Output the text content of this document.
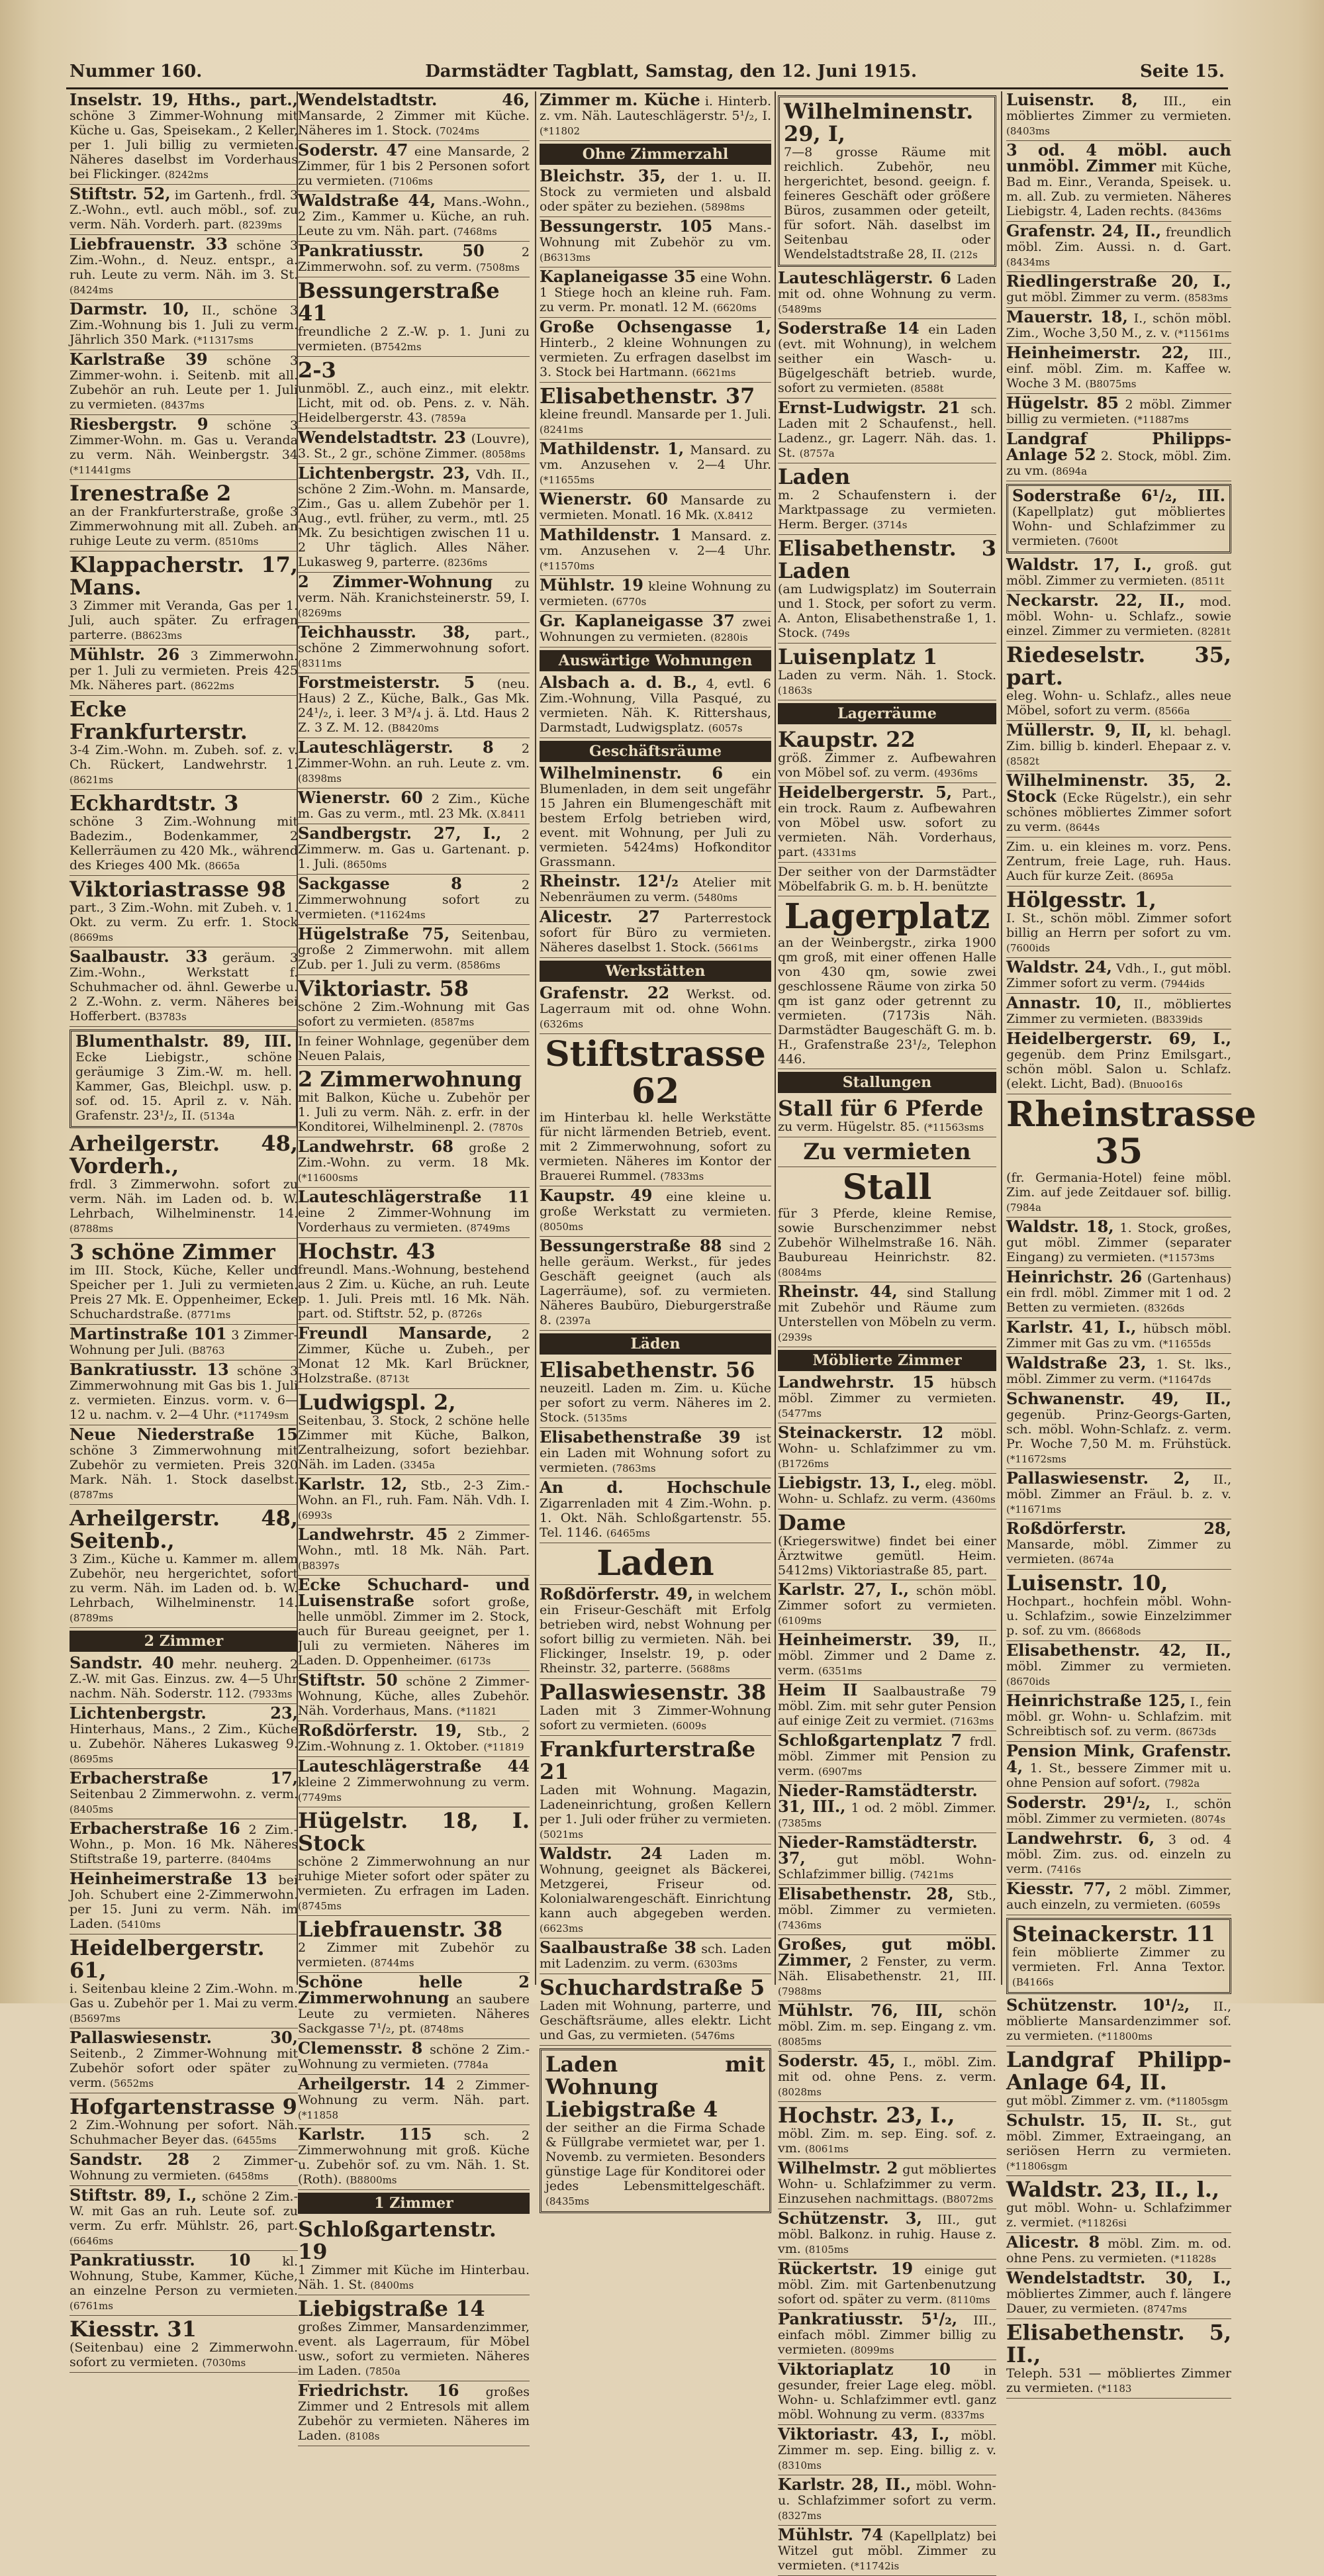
Nummer 160.	Darmstädter Tagblatt, Samstag, den 12. Juni 1915.	Seite 15.
Inselstr. 19, Hths., part., schöne 3 Zimmer-Wohnung mit Küche u. Gas, Speisekam., 2 Keller, per 1. Juli billig zu vermieten. Näheres daselbst im Vorderhaus bei Flickinger. (8242ms
Stiftstr. 52, im Gartenh., frdl. 3 Z.-Wohn., evtl. auch möbl., sof. zu verm. Näh. Vorderh. part. (8239ms
Liebfrauenstr. 33 schöne 3 Zim.-Wohn., d. Neuz. entspr., a. ruh. Leute zu verm. Näh. im 3. St. (8424ms
Darmstr. 10, II., schöne 3 Zim.-Wohnung bis 1. Juli zu verm. Jährlich 350 Mark. (*11317sms
Karlstraße 39 schöne 3 Zimmer-wohn. i. Seitenb. mit all. Zubehör an ruh. Leute per 1. Juli zu vermieten. (8437ms
Riesbergstr. 9 schöne 3 Zimmer-Wohn. m. Gas u. Veranda zu verm. Näh. Weinbergstr. 34 (*11441gms
Irenestraße 2
an der Frankfurterstraße, große 3 Zimmerwohnung mit all. Zubeh. an ruhige Leute zu verm. (8510ms
Klappacherstr. 17, Mans.
3 Zimmer mit Veranda, Gas per 1. Juli, auch später. Zu erfragen parterre. (B8623ms
Mühlstr. 26 3 Zimmerwohn. per 1. Juli zu vermieten. Preis 425 Mk. Näheres part. (8622ms
Ecke Frankfurterstr.
3-4 Zim.-Wohn. m. Zubeh. sof. z. v. Ch. Rückert, Landwehrstr. 1. (8621ms
Eckhardtstr. 3
schöne 3 Zim.-Wohnung mit Badezim., Bodenkammer, 2 Kellerräumen zu 420 Mk., während des Krieges 400 Mk. (8665a
Viktoriastrasse 98
part., 3 Zim.-Wohn. mit Zubeh. v. 1. Okt. zu verm. Zu erfr. 1. Stock (8669ms
Saalbaustr. 33 geräum. 3 Zim.-Wohn., Werkstatt f. Schuhmacher od. ähnl. Gewerbe u. 2 Z.-Wohn. z. verm. Näheres bei Hofferbert. (B3783s
Blumenthalstr. 89, III. Ecke Liebigstr., schöne geräumige 3 Zim.-W. m. hell. Kammer, Gas, Bleichpl. usw. p. sof. od. 15. April z. v. Näh. Grafenstr. 23¹/₂, II. (5134a
Arheilgerstr. 48, Vorderh.,
frdl. 3 Zimmerwohn. sofort zu verm. Näh. im Laden od. b. W. Lehrbach, Wilhelminenstr. 14. (8788ms
3 schöne Zimmer
im III. Stock, Küche, Keller und Speicher per 1. Juli zu vermieten. Preis 27 Mk. E. Oppenheimer, Ecke Schuchardstraße. (8771ms
Martinstraße 101 3 Zimmer-Wohnung per Juli. (B8763
Bankratiusstr. 13 schöne 3 Zimmerwohnung mit Gas bis 1. Juli z. vermieten. Einzus. vorm. v. 6—12 u. nachm. v. 2—4 Uhr. (*11749sm
Neue Niederstraße 15 schöne 3 Zimmerwohnung mit Zubehör zu vermieten. Preis 320 Mark. Näh. 1. Stock daselbst. (8787ms
Arheilgerstr. 48, Seitenb.,
3 Zim., Küche u. Kammer m. allem Zubehör, neu hergerichtet, sofort zu verm. Näh. im Laden od. b. W. Lehrbach, Wilhelminenstr. 14. (8789ms
2 Zimmer
Sandstr. 40 mehr. neuherg. 2 Z.-W. mit Gas. Einzus. zw. 4—5 Uhr nachm. Näh. Soderstr. 112. (7933ms
Lichtenbergstr. 23, Hinterhaus, Mans., 2 Zim., Küche u. Zubehör. Näheres Lukasweg 9. (8695ms
Erbacherstraße 17, Seitenbau 2 Zimmerwohn. z. verm. (8405ms
Erbacherstraße 16 2 Zim.-Wohn., p. Mon. 16 Mk. Näheres Stiftstraße 19, parterre. (8404ms
Heinheimerstraße 13 bei Joh. Schubert eine 2-Zimmerwohn. per 15. Juni zu verm. Näh. im Laden. (5410ms
Heidelbergerstr. 61,
i. Seitenbau kleine 2 Zim.-Wohn. m. Gas u. Zubehör per 1. Mai zu verm. (B5697ms
Pallaswiesenstr. 30, Seitenb., 2 Zimmer-Wohnung mit Zubehör sofort oder später zu verm. (5652ms
Hofgartenstrasse 9
2 Zim.-Wohnung per sofort. Näh. Schuhmacher Beyer das. (6455ms
Sandstr. 28 2 Zimmer-Wohnung zu vermieten. (6458ms
Stiftstr. 89, I., schöne 2 Zim.-W. mit Gas an ruh. Leute sof. zu verm. Zu erfr. Mühlstr. 26, part. (6646ms
Pankratiusstr. 10	kl. Wohnung, Stube, Kammer, Küche, an einzelne Person zu vermieten. (6761ms
Kiesstr. 31
(Seitenbau) eine 2 Zimmerwohn. sofort zu vermieten. (7030ms
Wendelstadtstr. 46, Mansarde, 2 Zimmer mit Küche. Näheres im 1. Stock. (7024ms
Soderstr. 47 eine Mansarde, 2 Zimmer, für 1 bis 2 Personen sofort zu vermieten. (7106ms
Waldstraße 44, Mans.-Wohn., 2 Zim., Kammer u. Küche, an ruh. Leute zu vm. Näh. part. (7468ms
Pankratiusstr. 50	2 Zimmerwohn. sof. zu verm. (7508ms
Bessungerstraße 41
freundliche 2 Z.-W. p. 1. Juni zu vermieten. (B7542ms
2-3
unmöbl. Z., auch einz., mit elektr. Licht, mit od. ob. Pens. z. v. Näh. Heidelbergerstr. 43. (7859a
Wendelstadtstr. 23 (Louvre), 3. St., 2 gr., schöne Zimmer. (8058ms
Lichtenbergstr. 23, Vdh. II., schöne 2 Zim.-Wohn. m. Mansarde, Zim., Gas u. allem Zubehör per 1. Aug., evtl. früher, zu verm., mtl. 25 Mk. Zu besichtigen zwischen 11 u. 2 Uhr täglich. Alles Näher. Lukasweg 9, parterre. (8236ms
2 Zimmer-Wohnung zu verm. Näh. Kranichsteinerstr. 59, I. (8269ms
Teichhausstr. 38, part., schöne 2 Zimmerwohnung sofort. (8311ms
Forstmeisterstr. 5 (neu. Haus) 2 Z., Küche, Balk., Gas Mk. 24¹/₂, i. leer. 3 M³/₄ j. ä. Ltd. Haus 2 Z. 3 Z. M. 12. (B8420ms
Lauteschlägerstr. 8 2 Zimmer-Wohn. an ruh. Leute z. vm. (8398ms
Wienerstr. 60 2 Zim., Küche m. Gas zu verm., mtl. 23 Mk. (X.8411
Sandbergstr. 27, I., 2 Zimmerw. m. Gas u. Gartenant. p. 1. Juli. (8650ms
Sackgasse 8	2 Zimmerwohnung sofort zu vermieten. (*11624ms
Hügelstraße 75, Seitenbau, große 2 Zimmerwohn. mit allem Zub. per 1. Juli zu verm. (8586ms
Viktoriastr. 58
schöne 2 Zim.-Wohnung mit Gas sofort zu vermieten. (8587ms
In feiner Wohnlage, gegenüber dem Neuen Palais,
2 Zimmerwohnung
mit Balkon, Küche u. Zubehör per 1. Juli zu verm. Näh. z. erfr. in der Konditorei, Wilhelminenpl. 2. (7870s
Landwehrstr. 68 große 2 Zim.-Wohn. zu verm. 18 Mk. (*11600sms
Lauteschlägerstraße 11 eine 2 Zimmer-Wohnung im Vorderhaus zu vermieten. (8749ms
Hochstr. 43
freundl. Mans.-Wohnung, bestehend aus 2 Zim. u. Küche, an ruh. Leute p. 1. Juli. Preis mtl. 16 Mk. Näh. part. od. Stiftstr. 52, p. (8726s
Freundl Mansarde, 2 Zimmer, Küche u. Zubeh., per Monat 12 Mk. Karl Brückner, Holzstraße. (8713t
Ludwigspl. 2,
Seitenbau, 3. Stock, 2 schöne helle Zimmer mit Küche, Balkon, Zentralheizung, sofort beziehbar. Näh. im Laden. (3345a
Karlstr. 12, Stb., 2-3 Zim.-Wohn. an Fl., ruh. Fam. Näh. Vdh. I. (6993s
Landwehrstr. 45 2 Zimmer-Wohn., mtl. 18 Mk. Näh. Part. (B8397s
Ecke Schuchard- und Luisenstraße sofort große, helle unmöbl. Zimmer im 2. Stock, auch für Bureau geeignet, per 1. Juli zu vermieten. Näheres im Laden. D. Oppenheimer. (6173s
Stiftstr. 50 schöne 2 Zimmer-Wohnung, Küche, alles Zubehör. Näh. Vorderhaus, Mans. (*11821
Roßdörferstr. 19, Stb., 2 Zim.-Wohnung z. 1. Oktober. (*11819
Lauteschlägerstraße 44 kleine 2 Zimmerwohnung zu verm. (7749ms
Hügelstr. 18, I. Stock
schöne 2 Zimmerwohnung an nur ruhige Mieter sofort oder später zu vermieten. Zu erfragen im Laden. (8745ms
Liebfrauenstr. 38
2 Zimmer mit Zubehör zu vermieten. (8744ms
Schöne helle 2 Zimmerwohnung an saubere Leute zu vermieten. Näheres Sackgasse 7¹/₂, pt. (8748ms
Clemensstr. 8 schöne 2 Zim.-Wohnung zu vermieten. (7784a
Arheilgerstr. 14 2 Zimmer-Wohnung zu verm. Näh. part. (*11858
Karlstr. 115	sch. 2 Zimmerwohnung mit groß. Küche u. Zubehör sof. zu vm. Näh. 1. St. (Roth). (B8800ms
1 Zimmer
Schloßgartenstr. 19
1 Zimmer mit Küche im Hinterbau. Näh. 1. St. (8400ms
Liebigstraße 14
großes Zimmer, Mansardenzimmer, event. als Lagerraum, für Möbel usw., sofort zu vermieten. Näheres im Laden. (7850a
Friedrichstr. 16 großes Zimmer und 2 Entresols mit allem Zubehör zu vermieten. Näheres im Laden. (8108s
Zimmer m. Küche i. Hinterb. z. vm. Näh. Lauteschlägerstr. 5¹/₂, I. (*11802
Ohne Zimmerzahl
Bleichstr. 35, der 1. u. II. Stock zu vermieten und alsbald oder später zu beziehen. (5898ms
Bessungerstr. 105 Mans.-Wohnung mit Zubehör zu vm. (B6313ms
Kaplaneigasse 35 eine Wohn. 1 Stiege hoch an kleine ruh. Fam. zu verm. Pr. monatl. 12 M. (6620ms
Große Ochsengasse 1, Hinterb., 2 kleine Wohnungen zu vermieten. Zu erfragen daselbst im 3. Stock bei Hartmann. (6621ms
Elisabethenstr. 37
kleine freundl. Mansarde per 1. Juli. (8241ms
Mathildenstr. 1, Mansard. zu vm. Anzusehen v. 2—4 Uhr. (*11655ms
Wienerstr. 60 Mansarde zu vermieten. Monatl. 16 Mk. (X.8412
Mathildenstr. 1 Mansard. z. vm. Anzusehen v. 2—4 Uhr. (*11570ms
Mühlstr. 19 kleine Wohnung zu vermieten. (6770s
Gr. Kaplaneigasse 37 zwei Wohnungen zu vermieten. (8280is
Auswärtige Wohnungen
Alsbach a. d. B., 4, evtl. 6 Zim.-Wohnung, Villa Pasqué, zu vermieten. Näh. K. Rittershaus, Darmstadt, Ludwigsplatz. (6057s
Geschäftsräume
Wilhelminenstr. 6 ein Blumenladen, in dem seit ungefähr 15 Jahren ein Blumengeschäft mit bestem Erfolg betrieben wird, event. mit Wohnung, per Juli zu vermieten. 5424ms) Hofkonditor Grassmann.
Rheinstr. 12¹/₂ Atelier mit Nebenräumen zu verm. (5480ms
Alicestr. 27 Parterrestock sofort für Büro zu vermieten. Näheres daselbst 1. Stock. (5661ms
Werkstätten
Grafenstr. 22 Werkst. od. Lagerraum mit od. ohne Wohn. (6326ms
Stiftstrasse 62
im Hinterbau kl. helle Werkstätte für nicht lärmenden Betrieb, event. mit 2 Zimmerwohnung, sofort zu vermieten. Näheres im Kontor der Brauerei Rummel. (7833ms
Kaupstr. 49 eine kleine u. große Werkstatt zu vermieten. (8050ms
Bessungerstraße 88 sind 2 helle geräum. Werkst., für jedes Geschäft geeignet (auch als Lagerräume), sof. zu vermieten. Näheres Baubüro, Dieburgerstraße 8. (2397a
Läden
Elisabethenstr. 56
neuzeitl. Laden m. Zim. u. Küche per sofort zu verm. Näheres im 2. Stock. (5135ms
Elisabethenstraße 39 ist ein Laden mit Wohnung sofort zu vermieten. (7863ms
An d. Hochschule Zigarrenladen mit 4 Zim.-Wohn. p. 1. Okt. Näh. Schloßgartenstr. 55. Tel. 1146. (6465ms
Laden
Roßdörferstr. 49, in welchem ein Friseur-Geschäft mit Erfolg betrieben wird, nebst Wohnung per sofort billig zu vermieten. Näh. bei Flickinger, Inselstr. 19, p. oder Rheinstr. 32, parterre. (5688ms
Pallaswiesenstr. 38
Laden mit 3 Zimmer-Wohnung sofort zu vermieten. (6009s
Frankfurterstraße 21
Laden mit Wohnung. Magazin, Ladeneinrichtung, großen Kellern per 1. Juli oder früher zu vermieten. (5021ms
Waldstr. 24 Laden m. Wohnung, geeignet als Bäckerei, Metzgerei, Friseur od. Kolonialwarengeschäft. Einrichtung kann auch abgegeben werden. (6623ms
Saalbaustraße 38 sch. Laden mit Ladenzim. zu verm. (6303ms
Schuchardstraße 5
Laden mit Wohnung, parterre, und Geschäftsräume, alles elektr. Licht und Gas, zu vermieten. (5476ms
Laden mit Wohnung Liebigstraße 4
der seither an die Firma Schade & Füllgrabe vermietet war, per 1. Novemb. zu vermieten. Besonders günstige Lage für Konditorei oder jedes Lebensmittelgeschäft. (8435ms
Wilhelminenstr. 29, I,
7—8 grosse Räume mit reichlich. Zubehör, neu hergerichtet, besond. geeign. f. feineres Geschäft oder größere Büros, zusammen oder geteilt, für sofort. Näh. daselbst im Seitenbau oder Wendelstadtstraße 28, II. (212s
Lauteschlägerstr. 6 Laden mit od. ohne Wohnung zu verm. (5489ms
Soderstraße 14 ein Laden (evt. mit Wohnung), in welchem seither ein Wasch- u. Bügelgeschäft betrieb. wurde, sofort zu vermieten. (8588t
Ernst-Ludwigstr. 21 sch. Laden mit 2 Schaufenst., hell. Ladenz., gr. Lagerr. Näh. das. 1. St. (8757a
Laden
m. 2 Schaufenstern i. der Marktpassage zu vermieten. Herm. Berger. (3714s
Elisabethenstr. 3 Laden
(am Ludwigsplatz) im Souterrain und 1. Stock, per sofort zu verm. A. Anton, Elisabethenstraße 1, 1. Stock. (749s
Luisenplatz 1
Laden zu verm. Näh. 1. Stock. (1863s
Lagerräume
Kaupstr. 22
größ. Zimmer z. Aufbewahren von Möbel sof. zu verm. (4936ms
Heidelbergerstr. 5, Part., ein trock. Raum z. Aufbewahren von Möbel usw. sofort zu vermieten. Näh. Vorderhaus, part. (4331ms
Der seither von der Darmstädter Möbelfabrik G. m. b. H. benützte
Lagerplatz
an der Weinbergstr., zirka 1900 qm groß, mit einer offenen Halle von 430 qm, sowie zwei geschlossene Räume von zirka 50 qm ist ganz oder getrennt zu vermieten. (7173is Näh. Darmstädter Baugeschäft G. m. b. H., Grafenstraße 23¹/₂, Telephon 446.
Stallungen
Stall für 6 Pferde
zu verm. Hügelstr. 85. (*11563sms
Zu vermieten
Stall
für 3 Pferde, kleine Remise, sowie Burschenzimmer nebst Zubehör Wilhelmstraße 16. Näh. Baubureau Heinrichstr. 82. (8084ms
Rheinstr. 44, sind Stallung mit Zubehör und Räume zum Unterstellen von Möbeln zu verm. (2939s
Möblierte Zimmer
Landwehrstr. 15 hübsch möbl. Zimmer zu vermieten. (5477ms
Steinackerstr. 12 möbl. Wohn- u. Schlafzimmer zu vm. (B1726ms
Liebigstr. 13, I., eleg. möbl. Wohn- u. Schlafz. zu verm. (4360ms
Dame
(Kriegerswitwe) findet bei einer Ärztwitwe gemütl. Heim. 5412ms) Viktoriastraße 85, part.
Karlstr. 27, I., schön möbl. Zimmer sofort zu vermieten. (6109ms
Heinheimerstr. 39, II., möbl. Zimmer und 2 Dame z. verm. (6351ms
Heim II Saalbaustraße 79 möbl. Zim. mit sehr guter Pension auf einige Zeit zu vermiet. (7163ms
Schloßgartenplatz 7 frdl. möbl. Zimmer mit Pension zu verm. (6907ms
Nieder-Ramstädterstr. 31, III., 1 od. 2 möbl. Zimmer. (7385ms
Nieder-Ramstädterstr. 37, gut möbl. Wohn-Schlafzimmer billig. (7421ms
Elisabethenstr. 28, Stb., möbl. Zimmer zu vermieten. (7436ms
Großes, gut möbl. Zimmer, 2 Fenster, zu verm. Näh. Elisabethenstr. 21, III. (7988ms
Mühlstr. 76, III, schön möbl. Zim. m. sep. Eingang z. vm. (8085ms
Soderstr. 45, I., möbl. Zim. mit od. ohne Pens. z. verm. (8028ms
Hochstr. 23, I.,
möbl. Zim. m. sep. Eing. sof. z. vm. (8061ms
Wilhelmstr. 2 gut möbliertes Wohn- u. Schlafzimmer zu verm. Einzusehen nachmittags. (B8072ms
Schützenstr. 3, III., gut möbl. Balkonz. in ruhig. Hause z. vm. (8105ms
Rückertstr. 19 einige gut möbl. Zim. mit Gartenbenutzung sofort od. später zu verm. (8110ms
Pankratiusstr. 5¹/₂, III., einfach möbl. Zimmer billig zu vermieten. (8099ms
Viktoriaplatz 10	in gesunder, freier Lage eleg. möbl. Wohn- u. Schlafzimmer evtl. ganz möbl. Wohnung zu verm. (8337ms
Viktoriastr. 43, I., möbl. Zimmer m. sep. Eing. billig z. v. (8310ms
Karlstr. 28, II., möbl. Wohn- u. Schlafzimmer sofort zu verm. (8327ms
Mühlstr. 74 (Kapellplatz) bei Witzel gut möbl. Zimmer zu vermieten. (*11742is
Luisenstr. 8, III., ein möbliertes Zimmer zu vermieten. (8403ms
3 od. 4 möbl. auch unmöbl. Zimmer mit Küche, Bad m. Einr., Veranda, Speisek. u. m. all. Zub. zu vermieten. Näheres Liebigstr. 4, Laden rechts. (8436ms
Grafenstr. 24, II., freundlich möbl. Zim. Aussi. n. d. Gart. (8434ms
Riedlingerstraße 20, I., gut möbl. Zimmer zu verm. (8583ms
Mauerstr. 18, I., schön möbl. Zim., Woche 3,50 M., z. v. (*11561ms
Heinheimerstr. 22, III., einf. möbl. Zim. m. Kaffee w. Woche 3 M. (B8075ms
Hügelstr. 85 2 möbl. Zimmer billig zu vermieten. (*11887ms
Landgraf Philipps-Anlage 52 2. Stock, möbl. Zim. zu vm. (8694a
Soderstraße 6¹/₂, III. (Kapellplatz) gut möbliertes Wohn- und Schlafzimmer zu vermieten. (7600t
Waldstr. 17, I., groß. gut möbl. Zimmer zu vermieten. (8511t
Neckarstr. 22, II., mod. möbl. Wohn- u. Schlafz., sowie einzel. Zimmer zu vermieten. (8281t
Riedeselstr. 35, part.
eleg. Wohn- u. Schlafz., alles neue Möbel, sofort zu verm. (8566a
Müllerstr. 9, II, kl. behagl. Zim. billig b. kinderl. Ehepaar z. v. (8582t
Wilhelminenstr. 35, 2. Stock (Ecke Rügelstr.), ein sehr schönes möbliertes Zimmer sofort zu verm. (8644s
Zim. u. ein kleines m. vorz. Pens. Zentrum, freie Lage, ruh. Haus. Auch für kurze Zeit. (8695a
Hölgesstr. 1,
I. St., schön möbl. Zimmer sofort billig an Herrn per sofort zu vm. (7600ids
Waldstr. 24, Vdh., I., gut möbl. Zimmer sofort zu verm. (7944ids
Annastr. 10, II., möbliertes Zimmer zu vermieten. (B8339ids
Heidelbergerstr. 69, I., gegenüb. dem Prinz Emilsgart., schön möbl. Salon u. Schlafz. (elekt. Licht, Bad). (Bnuoo16s
Rheinstrasse 35
(fr. Germania-Hotel) feine möbl. Zim. auf jede Zeitdauer sof. billig. (7984a
Waldstr. 18, 1. Stock, großes, gut möbl. Zimmer (separater Eingang) zu vermieten. (*11573ms
Heinrichstr. 26 (Gartenhaus) ein frdl. möbl. Zimmer mit 1 od. 2 Betten zu vermieten. (8326ds
Karlstr. 41, I., hübsch möbl. Zimmer mit Gas zu vm. (*11655ds
Waldstraße 23, 1. St. lks., möbl. Zimmer zu verm. (*11647ds
Schwanenstr. 49, II., gegenüb. Prinz-Georgs-Garten, sch. möbl. Wohn-Schlafz. z. verm. Pr. Woche 7,50 M. m. Frühstück. (*11672sms
Pallaswiesenstr. 2, II., möbl. Zimmer an Fräul. b. z. v. (*11671ms
Roßdörferstr. 28, Mansarde, möbl. Zimmer zu vermieten. (8674a
Luisenstr. 10,
Hochpart., hochfein möbl. Wohn- u. Schlafzim., sowie Einzelzimmer p. sof. zu vm. (8668ods
Elisabethenstr. 42, II., möbl. Zimmer zu vermieten. (8670ids
Heinrichstraße 125, I., fein möbl. gr. Wohn- u. Schlafzim. mit Schreibtisch sof. zu verm. (8673ds
Pension Mink, Grafenstr. 4, 1. St., bessere Zimmer mit u. ohne Pension auf sofort. (7982a
Soderstr. 29¹/₂, I., schön möbl. Zimmer zu vermieten. (8074s
Landwehrstr. 6, 3 od. 4 möbl. Zim. zus. od. einzeln zu verm. (7416s
Kiesstr. 77, 2 möbl. Zimmer, auch einzeln, zu vermieten. (6059s
Steinackerstr. 11
fein möblierte Zimmer zu vermieten. Frl. Anna Textor. (B4166s
Schützenstr. 10¹/₂, II., möblierte Mansardenzimmer sof. zu vermieten. (*11800ms
Landgraf Philipp-Anlage 64, II.
gut möbl. Zimmer z. vm. (*11805sgm
Schulstr. 15, II. St., gut möbl. Zimmer, Extraeingang, an seriösen Herrn zu vermieten. (*11806sgm
Waldstr. 23, II., l.,
gut möbl. Wohn- u. Schlafzimmer z. vermiet. (*11826si
Alicestr. 8 möbl. Zim. m. od. ohne Pens. zu vermieten. (*11828s
Wendelstadtstr. 30, I., möbliertes Zimmer, auch f. längere Dauer, zu vermieten. (8747ms
Elisabethenstr. 5, II.,
Teleph. 531 — möbliertes Zimmer zu vermieten. (*1183
